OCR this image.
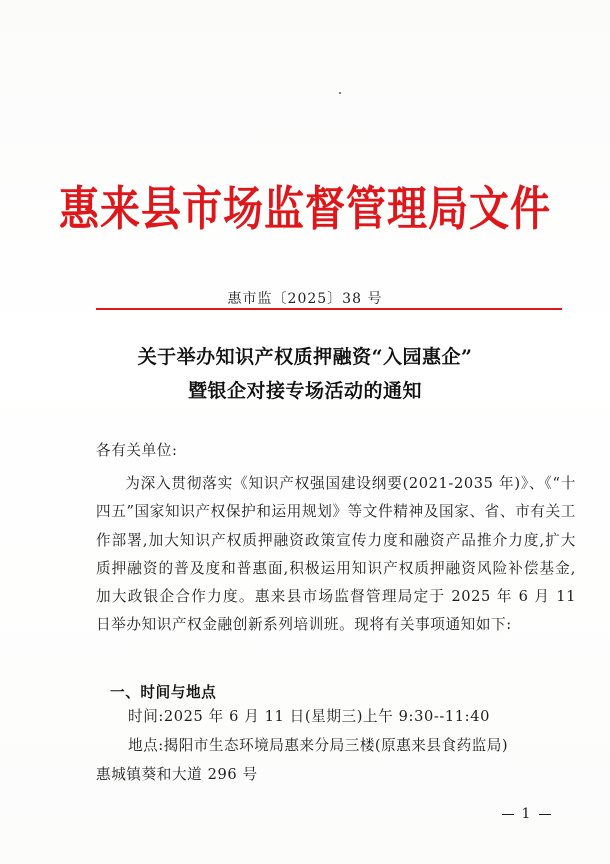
惠来县市场监督管理局文件
惠市监〔2025〕38 号
关于举办知识产权质押融资“入园惠企”
暨银企对接专场活动的通知
各有关单位:
为深入贯彻落实《知识产权强国建设纲要(2021-2035 年)》、《“十四五”国家知识产权保护和运用规划》等文件精神及国家、省、市有关工作部署,加大知识产权质押融资政策宣传力度和融资产品推介力度,扩大质押融资的普及度和普惠面,积极运用知识产权质押融资风险补偿基金,加大政银企合作力度。惠来县市场监督管理局定于 2025 年 6 月 11 日举办知识产权金融创新系列培训班。现将有关事项通知如下:
一、时间与地点
时间:2025 年 6 月 11 日(星期三)上午 9:30--11:40
地点:揭阳市生态环境局惠来分局三楼(原惠来县食药监局)
惠城镇葵和大道 296 号
1
